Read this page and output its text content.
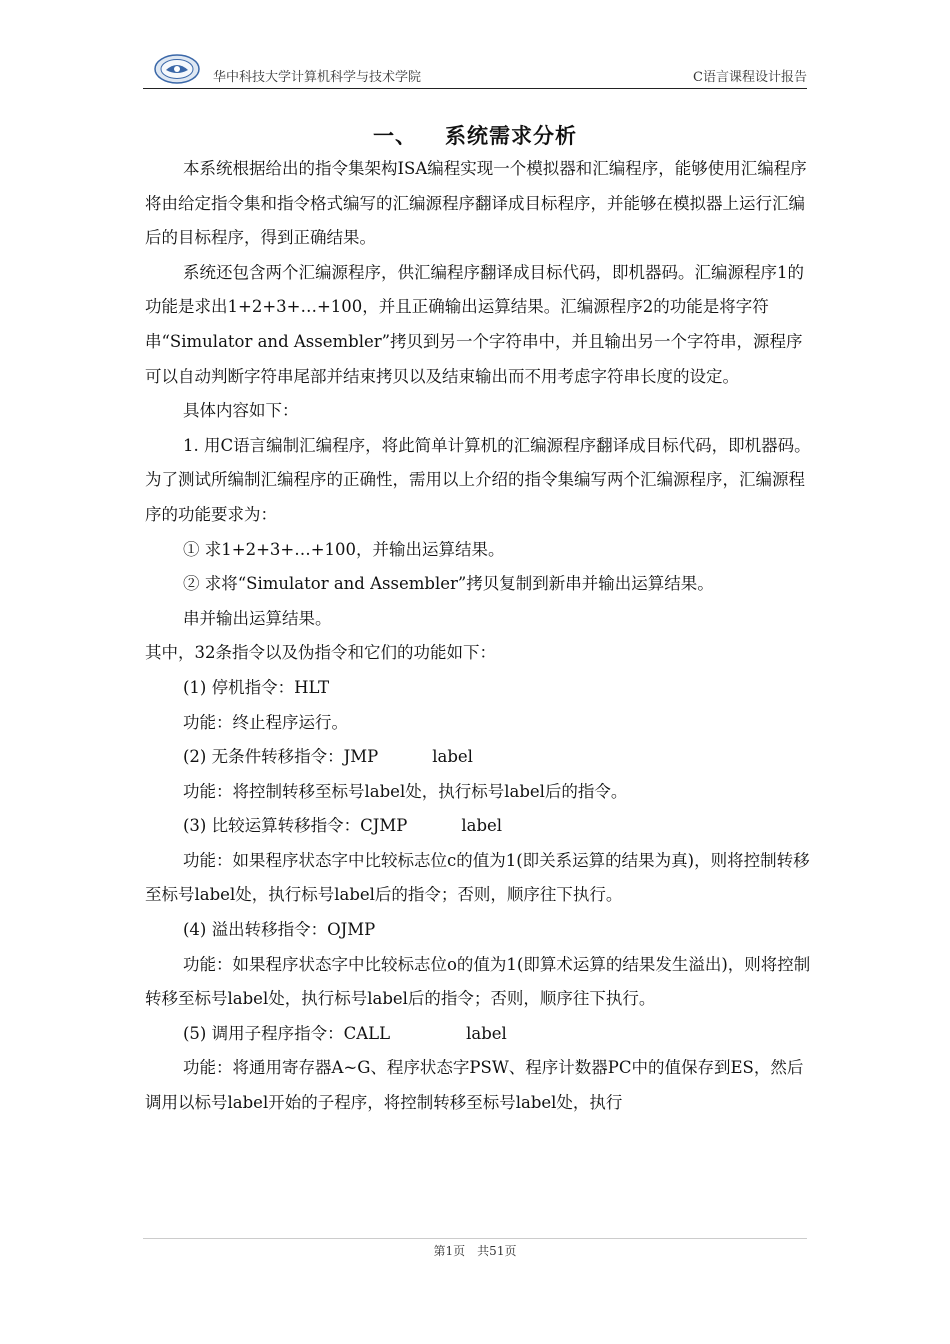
华中科技大学计算机科学与技术学院	C语言课程设计报告
一、 系统需求分析

本系统根据给出的指令集架构ISA编程实现一个模拟器和汇编程序，能够使用汇编程序将由给定指令集和指令格式编写的汇编源程序翻译成目标程序，并能够在模拟器上运行汇编后的目标程序，得到正确结果。

系统还包含两个汇编源程序，供汇编程序翻译成目标代码，即机器码。汇编源程序1的功能是求出1+2+3+…+100，并且正确输出运算结果。汇编源程序2的功能是将字符串“Simulator and Assembler”拷贝到另一个字符串中，并且输出另一个字符串，源程序可以自动判断字符串尾部并结束拷贝以及结束输出而不用考虑字符串长度的设定。

具体内容如下：

1. 用C语言编制汇编程序，将此简单计算机的汇编源程序翻译成目标代码，即机器码。为了测试所编制汇编程序的正确性，需用以上介绍的指令集编写两个汇编源程序，汇编源程序的功能要求为：

① 求1+2+3+…+100，并输出运算结果。

② 求将“Simulator and Assembler”拷贝复制到新串并输出运算结果。

串并输出运算结果。

其中，32条指令以及伪指令和它们的功能如下：

(1) 停机指令：HLT

功能：终止程序运行。

(2) 无条件转移指令：JMP	label

功能：将控制转移至标号label处，执行标号label后的指令。

(3) 比较运算转移指令：CJMP	label

功能：如果程序状态字中比较标志位c的值为1(即关系运算的结果为真)，则将控制转移至标号label处，执行标号label后的指令；否则，顺序往下执行。

(4) 溢出转移指令：OJMP

功能：如果程序状态字中比较标志位o的值为1(即算术运算的结果发生溢出)，则将控制转移至标号label处，执行标号label后的指令；否则，顺序往下执行。

(5) 调用子程序指令：CALL	label

功能：将通用寄存器A~G、程序状态字PSW、程序计数器PC中的值保存到ES，然后调用以标号label开始的子程序，将控制转移至标号label处，执行

第1页　共51页
